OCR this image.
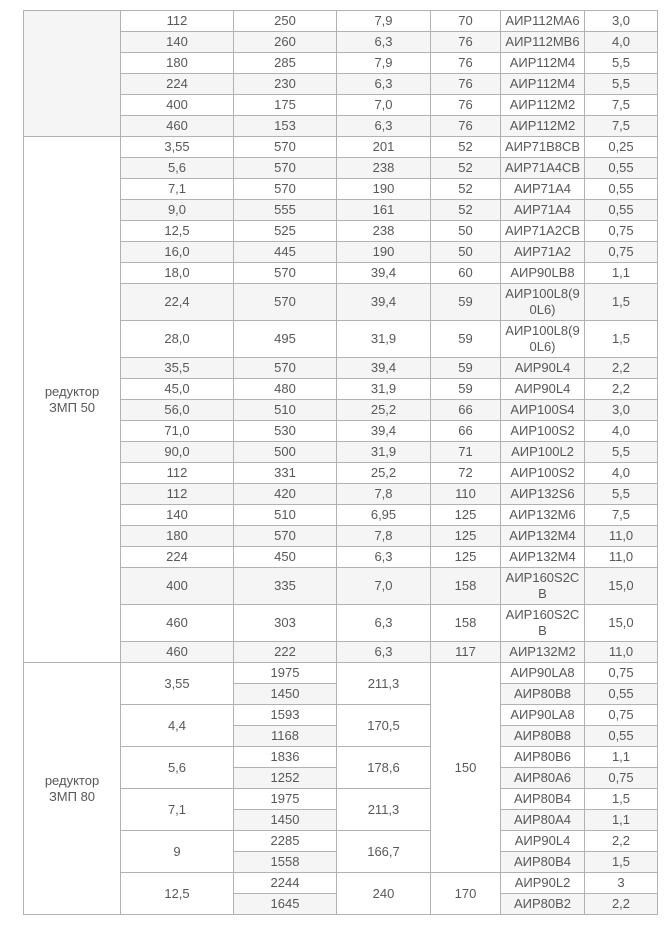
	112	250	7,9	70	АИР112МА6	3,0
	140	260	6,3	76	АИР112МВ6	4,0
	180	285	7,9	76	АИР112М4	5,5
	224	230	6,3	76	АИР112М4	5,5
	400	175	7,0	76	АИР112М2	7,5
	460	153	6,3	76	АИР112М2	7,5
редуктор ЗМП 50	3,55	570	201	52	АИР71В8СВ	0,25
	5,6	570	238	52	АИР71А4СВ	0,55
	7,1	570	190	52	АИР71А4	0,55
	9,0	555	161	52	АИР71А4	0,55
	12,5	525	238	50	АИР71А2СВ	0,75
	16,0	445	190	50	АИР71А2	0,75
	18,0	570	39,4	60	АИР90LB8	1,1
	22,4	570	39,4	59	АИР100L8(90L6)	1,5
	28,0	495	31,9	59	АИР100L8(90L6)	1,5
	35,5	570	39,4	59	АИР90L4	2,2
	45,0	480	31,9	59	АИР90L4	2,2
	56,0	510	25,2	66	АИР100S4	3,0
	71,0	530	39,4	66	АИР100S2	4,0
	90,0	500	31,9	71	АИР100L2	5,5
	112	331	25,2	72	АИР100S2	4,0
	112	420	7,8	110	АИР132S6	5,5
	140	510	6,95	125	АИР132М6	7,5
	180	570	7,8	125	АИР132М4	11,0
	224	450	6,3	125	АИР132М4	11,0
	400	335	7,0	158	АИР160S2CВ	15,0
	460	303	6,3	158	АИР160S2CВ	15,0
	460	222	6,3	117	АИР132М2	11,0
редуктор ЗМП 80	3,55	1975	211,3	150	АИР90LA8	0,75
		1450			АИР80В8	0,55
	4,4	1593	170,5		АИР90LA8	0,75
		1168			АИР80В8	0,55
	5,6	1836	178,6		АИР80В6	1,1
		1252			АИР80А6	0,75
	7,1	1975	211,3		АИР80В4	1,5
		1450			АИР80А4	1,1
	9	2285	166,7		АИР90L4	2,2
		1558			АИР80В4	1,5
	12,5	2244	240	170	АИР90L2	3
		1645			АИР80В2	2,2
